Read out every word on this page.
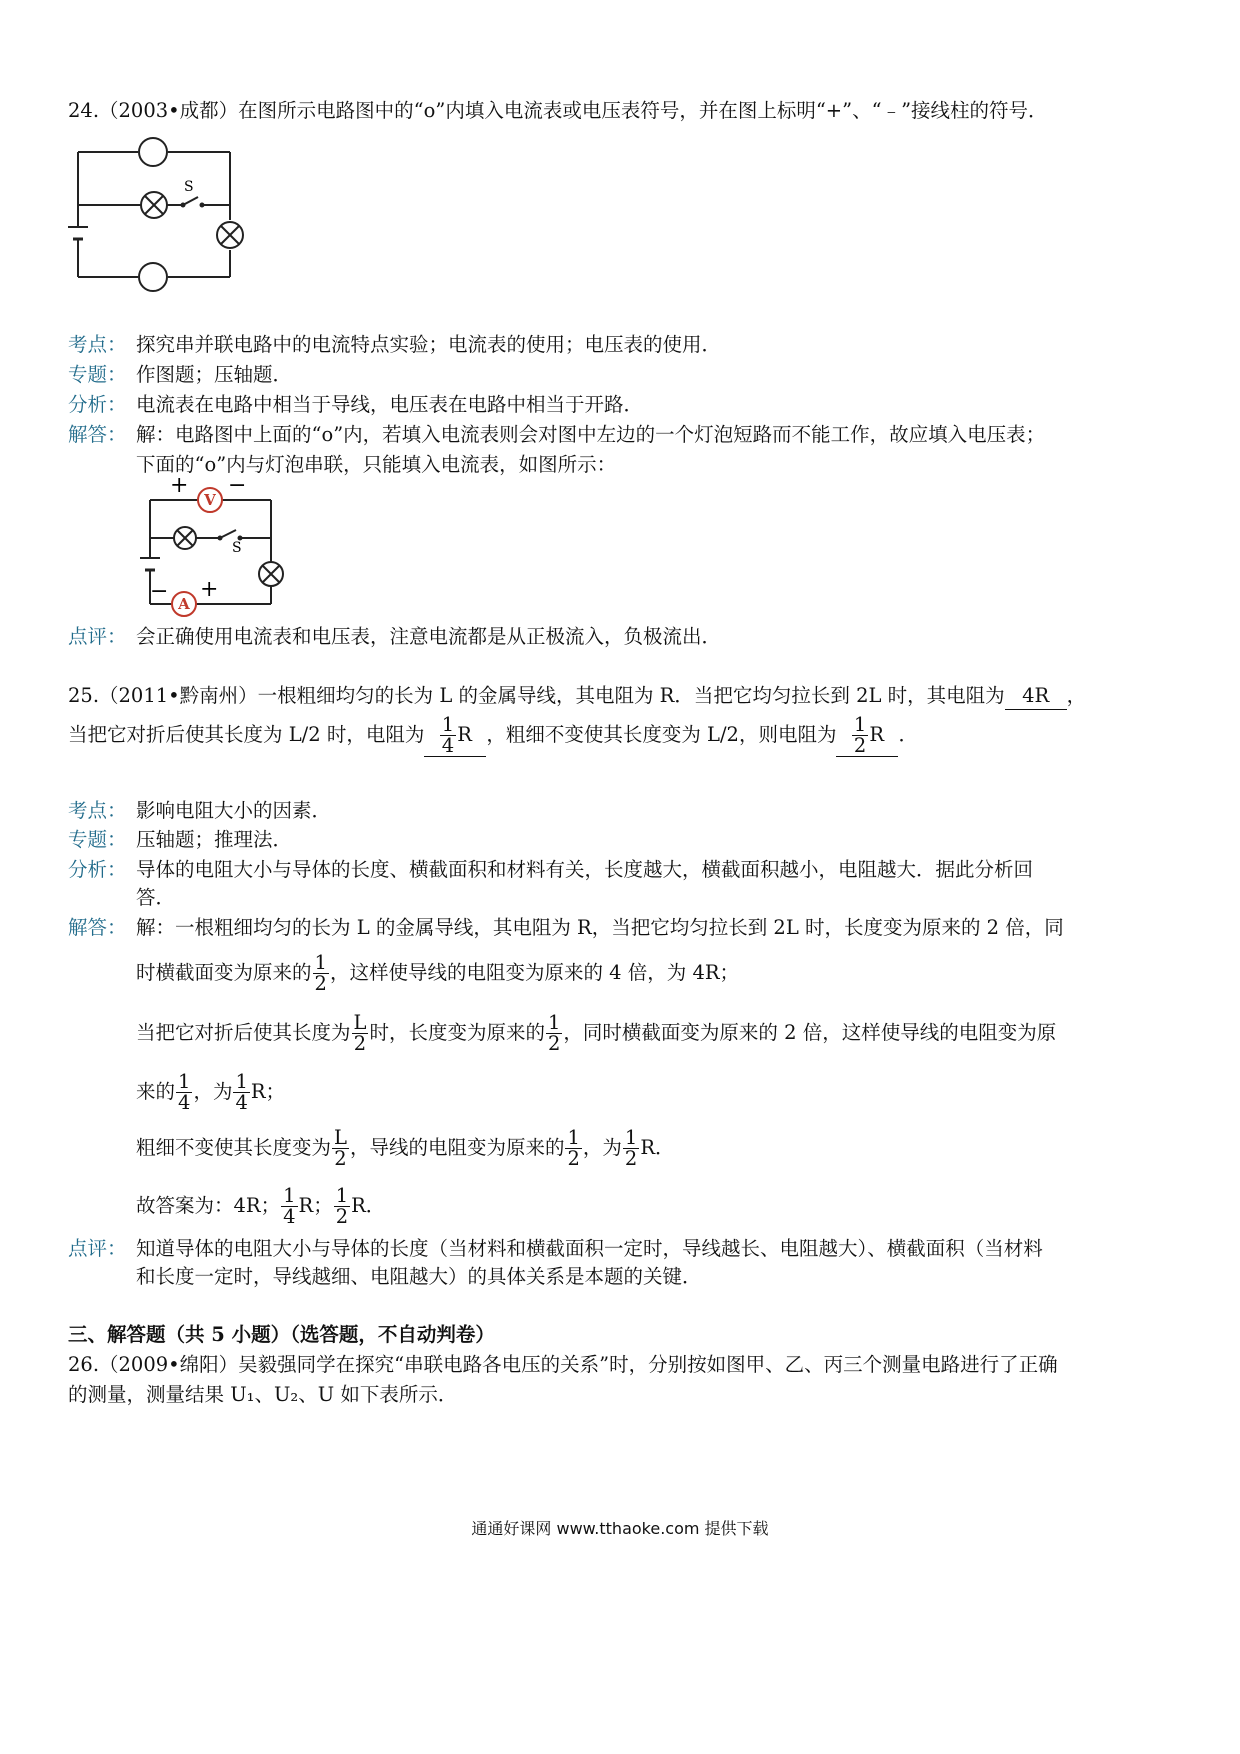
24.（2003•成都）在图所示电路图中的“o”内填入电流表或电压表符号，并在图上标明“+”、“﹣”接线柱的符号．
S
考点： 探究串并联电路中的电流特点实验；电流表的使用；电压表的使用．
专题： 作图题；压轴题．
分析： 电流表在电路中相当于导线，电压表在电路中相当于开路．
解答： 解：电路图中上面的“o”内，若填入电流表则会对图中左边的一个灯泡短路而不能工作，故应填入电压表；
下面的“o”内与灯泡串联，只能填入电流表，如图所示：
V
A
+ −
− +
S
点评： 会正确使用电流表和电压表，注意电流都是从正极流入，负极流出．
25.（2011•黔南州）一根粗细均匀的长为 L 的金属导线，其电阻为 R．当把它均匀拉长到 2L 时，其电阻为 4R ，
当把它对折后使其长度为 L/2 时，电阻为 $\frac{1}{4}$ R ，粗细不变使其长度变为 L/2，则电阻为 $\frac{1}{2}$ R ．
考点： 影响电阻大小的因素．
专题： 压轴题；推理法．
分析： 导体的电阻大小与导体的长度、横截面积和材料有关，长度越大，横截面积越小，电阻越大．据此分析回
答．
解答： 解：一根粗细均匀的长为 L 的金属导线，其电阻为 R，当把它均匀拉长到 2L 时，长度变为原来的 2 倍，同
时横截面变为原来的 $\frac{1}{2}$ ，这样使导线的电阻变为原来的 4 倍，为 4R；
当把它对折后使其长度为 $\frac{L}{2}$ 时，长度变为原来的 $\frac{1}{2}$ ，同时横截面变为原来的 2 倍，这样使导线的电阻变为原
来的 $\frac{1}{4}$ ，为 $\frac{1}{4}$ R；
粗细不变使其长度变为 $\frac{L}{2}$ ，导线的电阻变为原来的 $\frac{1}{2}$ ，为 $\frac{1}{2}$ R．
故答案为：4R； $\frac{1}{4}$ R； $\frac{1}{2}$ R．
点评： 知道导体的电阻大小与导体的长度（当材料和横截面积一定时，导线越长、电阻越大）、横截面积（当材料
和长度一定时，导线越细、电阻越大）的具体关系是本题的关键．
三、解答题（共 5 小题）（选答题，不自动判卷）
26.（2009•绵阳）吴毅强同学在探究“串联电路各电压的关系”时，分别按如图甲、乙、丙三个测量电路进行了正确
的测量，测量结果 U₁、U₂、U 如下表所示．
通通好课网 www.tthaoke.com 提供下载
